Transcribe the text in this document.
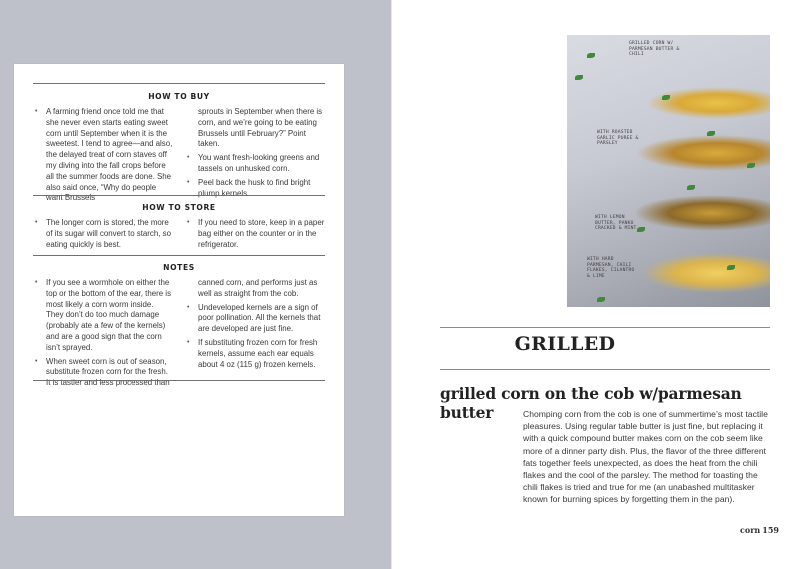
HOW TO BUY
• A farming friend once told me that she never even starts eating sweet corn until September when it is the sweetest. I tend to agree—and also, the delayed treat of corn staves off my diving into the fall crops before all the summer foods are done. She also said once, “Why do people want Brussels
sprouts in September when there is corn, and we’re going to be eating Brussels until February?” Point taken.
• You want fresh-looking greens and tassels on unhusked corn.
• Peel back the husk to find bright plump kernels.
HOW TO STORE
• The longer corn is stored, the more of its sugar will convert to starch, so eating quickly is best.
• If you need to store, keep in a paper bag either on the counter or in the refrigerator.
NOTES
• If you see a wormhole on either the top or the bottom of the ear, there is most likely a corn worm inside. They don’t do too much damage (probably ate a few of the kernels) and are a good sign that the corn isn’t sprayed.
• When sweet corn is out of season, substitute frozen corn for the fresh. It is tastier and less processed than
canned corn, and performs just as well as straight from the cob.
• Undeveloped kernels are a sign of poor pollination. All the kernels that are developed are just fine.
• If substituting frozen corn for fresh kernels, assume each ear equals about 4 oz (115 g) frozen kernels.
GRILLED CORN W/ PARMESAN BUTTER & CHILI
WITH ROASTED GARLIC PUREE & PARSLEY
WITH HARD PARMESAN, CHILI FLAKES, CILANTRO & LIME
WITH LEMON BUTTER, PANKO CRACKED & MINT
GRILLED
grilled corn on the cob w/parmesan butter	Chomping corn from the cob is one of summertime’s most tactile pleasures. Using regular table butter is just fine, but replacing it with a quick compound butter makes corn on the cob seem like more of a dinner party dish. Plus, the flavor of the three different fats together feels unexpected, as does the heat from the chili flakes and the cool of the parsley. The method for toasting the chili flakes is tried and true for me (an unabashed multitasker known for burning spices by forgetting them in the pan).
corn 159
